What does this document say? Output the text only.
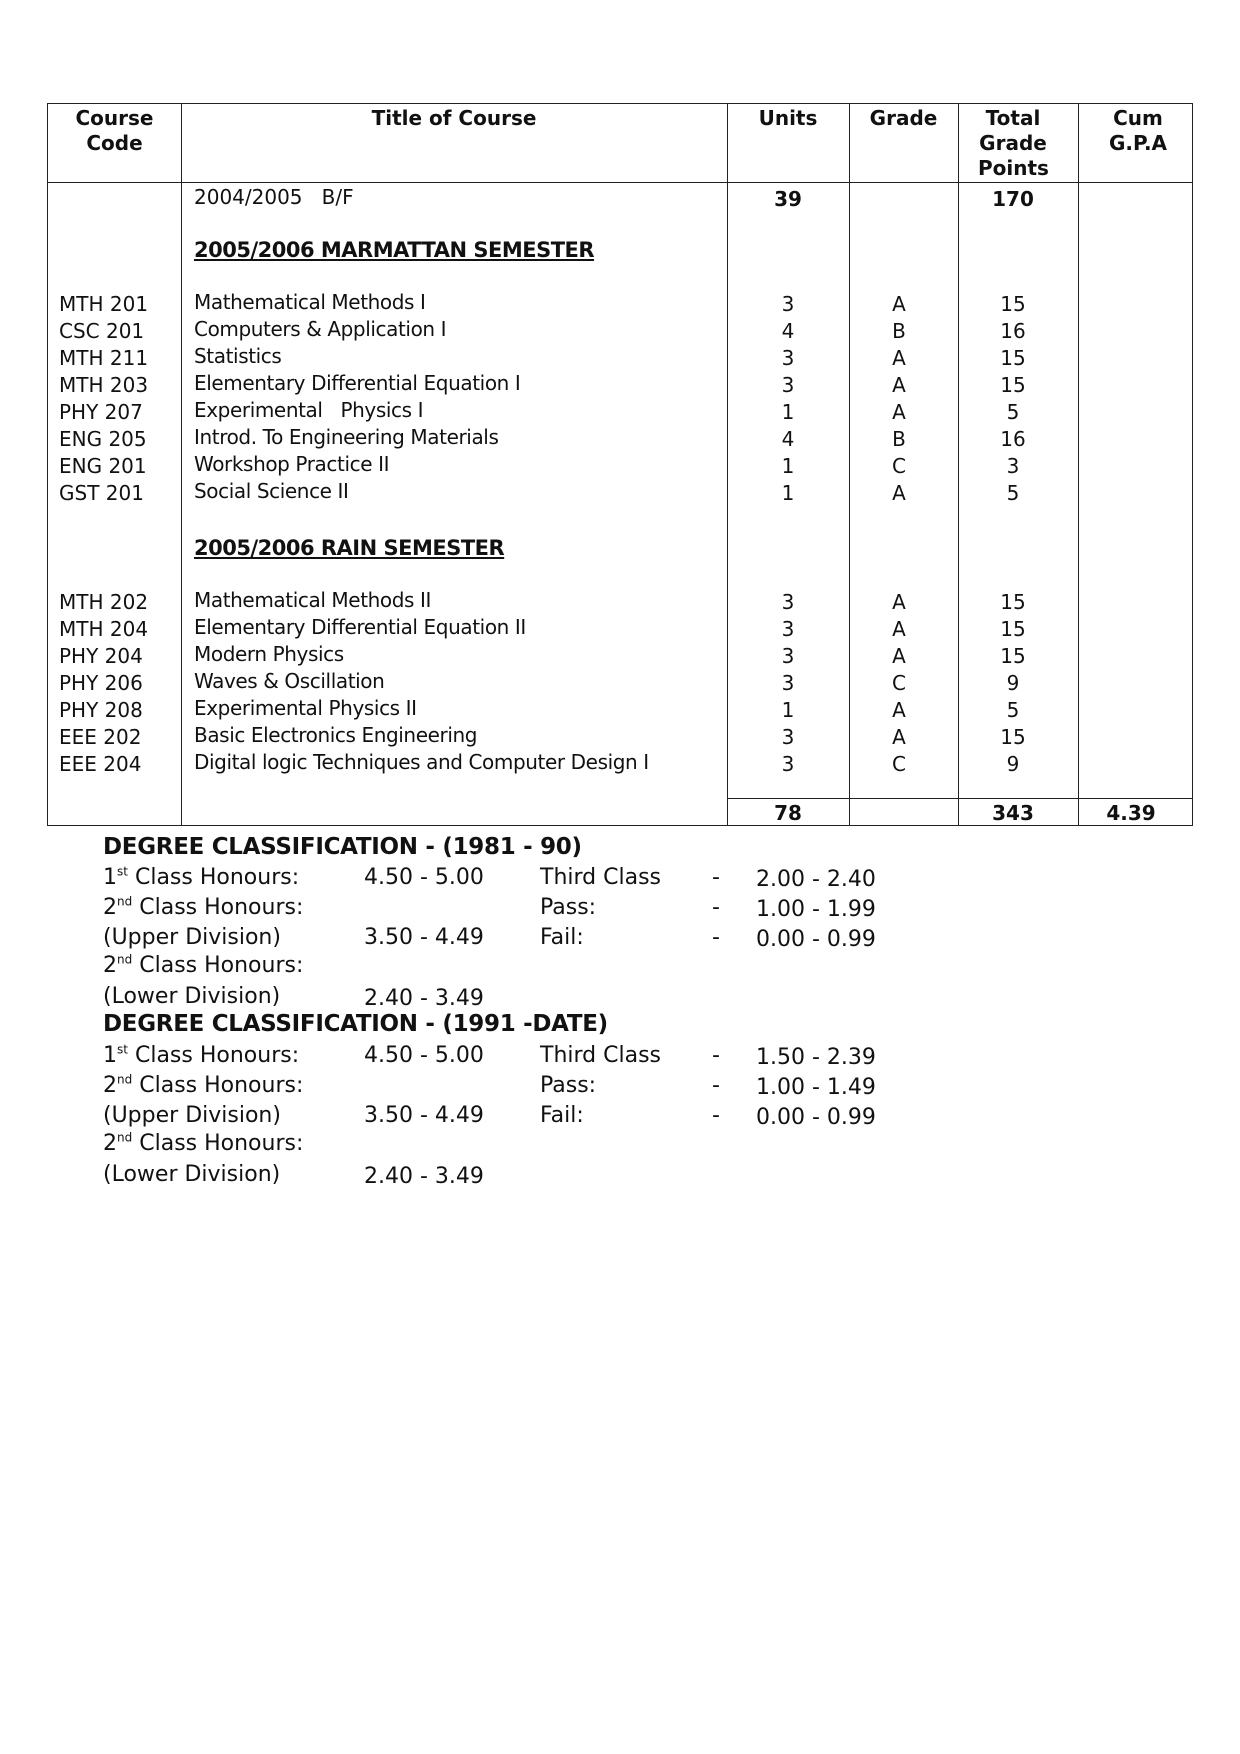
Course Code
Title of Course	Units	Grade	Total Grade Points
Cum G.P.A
2004/2005   B/F	39	170
2005/2006 MARMATTAN SEMESTER
MTH 201 Mathematical Methods I	3	A	15
CSC 201 Computers & Application I	4	B	16
MTH 211 Statistics	3	A	15
MTH 203 Elementary Differential Equation I	3	A	15
PHY 207	Experimental   Physics I	1	A	5
ENG 205 Introd. To Engineering Materials	4	B	16
ENG 201 Workshop Practice II	1	C	3
GST 201	Social Science II	1	A	5
2005/2006 RAIN SEMESTER
MTH 202 Mathematical Methods II	3	A	15
MTH 204 Elementary Differential Equation II	3	A	15
PHY 204	Modern Physics	3	A	15
PHY 206	Waves & Oscillation	3	C	9
PHY 208	Experimental Physics II	1	A	5
EEE 202	Basic Electronics Engineering	3	A	15
EEE 204	Digital logic Techniques and Computer Design I	3	C	9
78	343	4.39
DEGREE CLASSIFICATION - (1981 - 90)
1st Class Honours:	4.50 - 5.00	Third Class - 2.00 - 2.40
2nd Class Honours:	Pass:	- 1.00 - 1.99
(Upper Division)	3.50 - 4.49	Fail:	- 0.00 - 0.99
2nd Class Honours:
(Lower Division)	2.40 - 3.49
DEGREE CLASSIFICATION - (1991 -DATE)
1st Class Honours:	4.50 - 5.00	Third Class - 1.50 - 2.39
2nd Class Honours:	Pass:	- 1.00 - 1.49
(Upper Division)	3.50 - 4.49	Fail:	- 0.00 - 0.99
2nd Class Honours:
(Lower Division)	2.40 - 3.49
